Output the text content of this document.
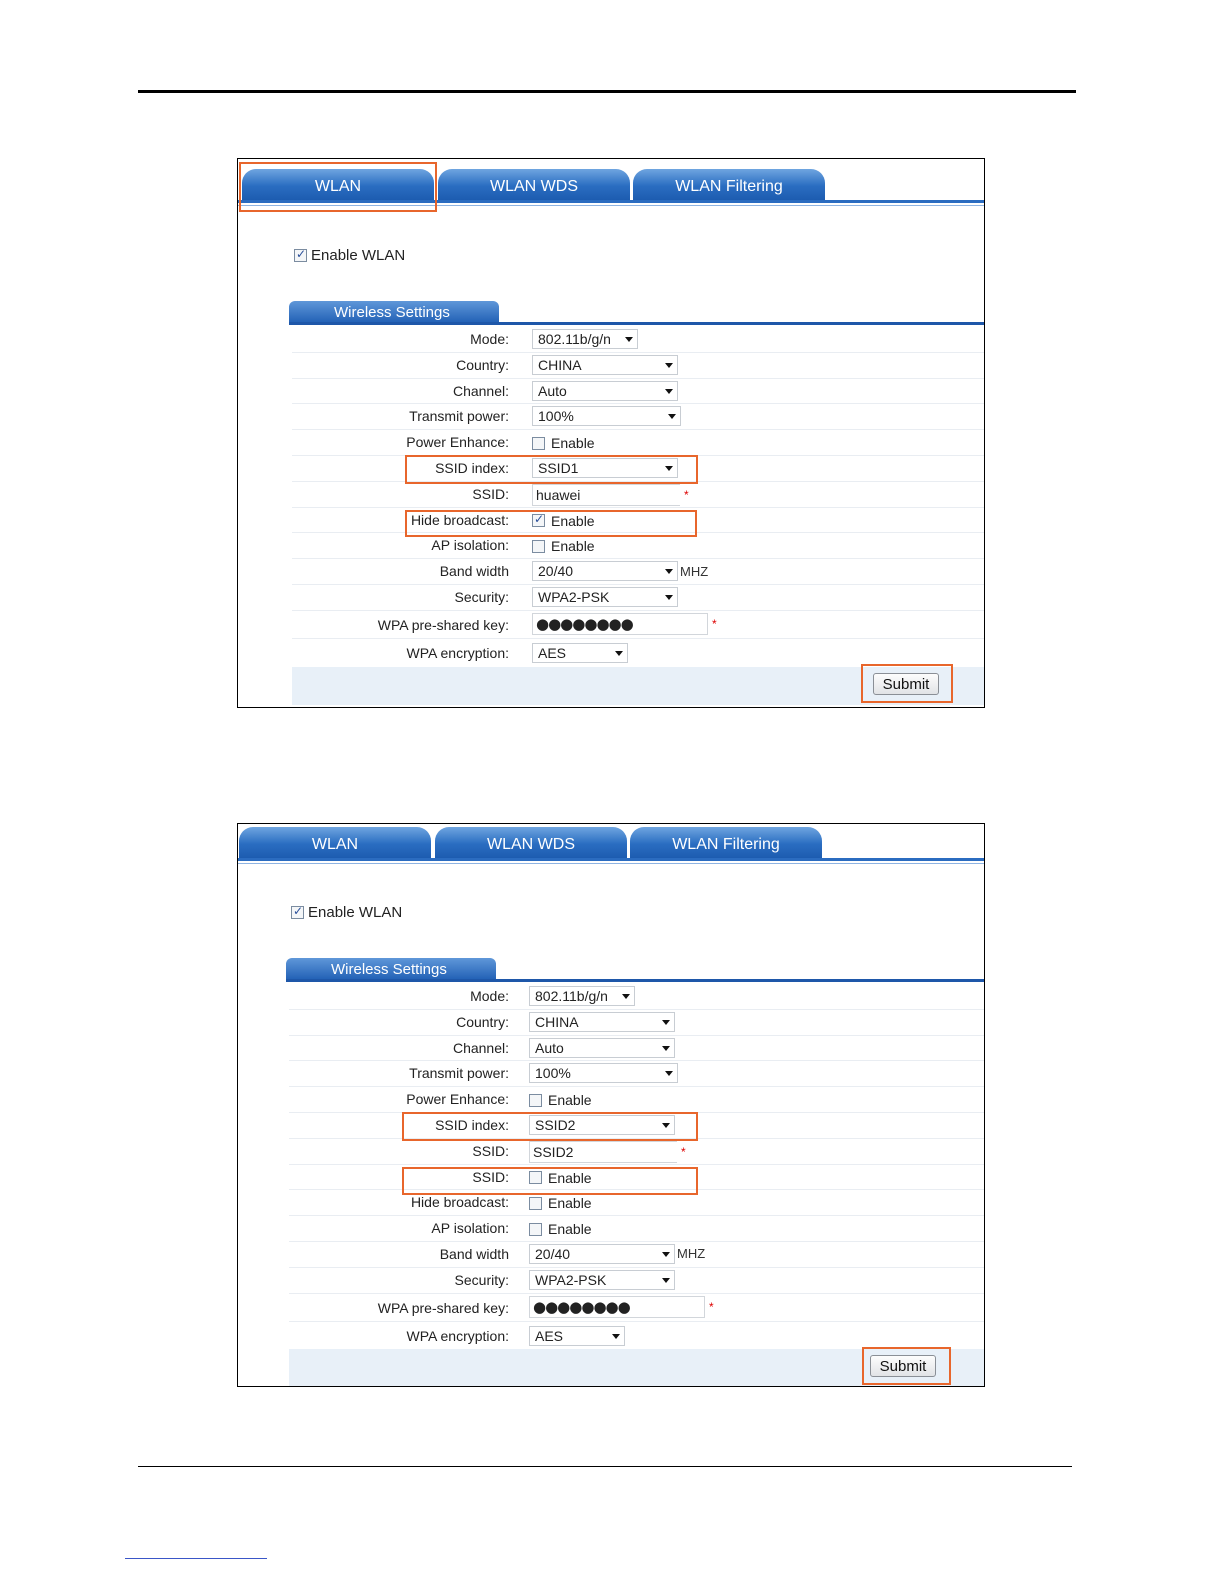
WLAN	WLAN WDS	WLAN Filtering
✓
Enable WLAN
Wireless Settings
Mode:	802.11b/g/n
Country:	CHINA
Channel:	Auto
Transmit power:	100%
Power Enhance:	Enable
SSID index:	SSID1
SSID: huawei	*
Hide broadcast:
✓	Enable
AP isolation:	Enable
Band width	20/40	MHZ
Security:	WPA2-PSK
WPA pre-shared key: ●●●●●●●●	*
WPA encryption:	AES
Submit
WLAN	WLAN WDS	WLAN Filtering
✓
Enable WLAN
Wireless Settings
Mode:	802.11b/g/n
Country:	CHINA
Channel:	Auto
Transmit power:	100%
Power Enhance:	Enable
SSID index:	SSID2
SSID: SSID2	*
SSID:	Enable
Hide broadcast:	Enable
AP isolation:	Enable
Band width	20/40	MHZ
Security:	WPA2-PSK
WPA pre-shared key: ●●●●●●●●	*
WPA encryption:	AES
Submit
